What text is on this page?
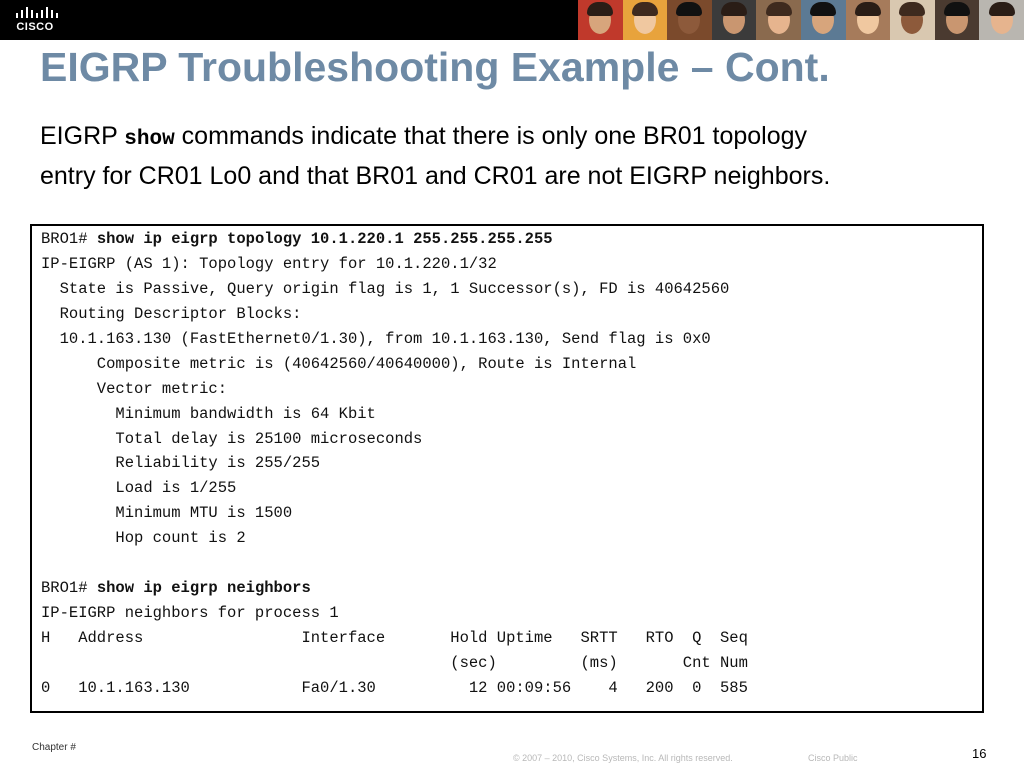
CISCO
EIGRP Troubleshooting Example – Cont.

EIGRP show commands indicate that there is only one BR01 topology
entry for CR01 Lo0 and that BR01 and CR01 are not EIGRP neighbors.

BRO1# show ip eigrp topology 10.1.220.1 255.255.255.255
IP-EIGRP (AS 1): Topology entry for 10.1.220.1/32
State is Passive, Query origin flag is 1, 1 Successor(s), FD is 40642560
Routing Descriptor Blocks:
10.1.163.130 (FastEthernet0/1.30), from 10.1.163.130, Send flag is 0x0
Composite metric is (40642560/40640000), Route is Internal
Vector metric:
Minimum bandwidth is 64 Kbit
Total delay is 25100 microseconds
Reliability is 255/255
Load is 1/255
Minimum MTU is 1500
Hop count is 2
BRO1# show ip eigrp neighbors
IP-EIGRP neighbors for process 1
H   Address                 Interface       Hold Uptime   SRTT   RTO  Q  Seq
(sec)         (ms)       Cnt Num
0   10.1.163.130            Fa0/1.30          12 00:09:56    4   200  0  585
Chapter #
© 2007 – 2010, Cisco Systems, Inc. All rights reserved.	Cisco Public	16
